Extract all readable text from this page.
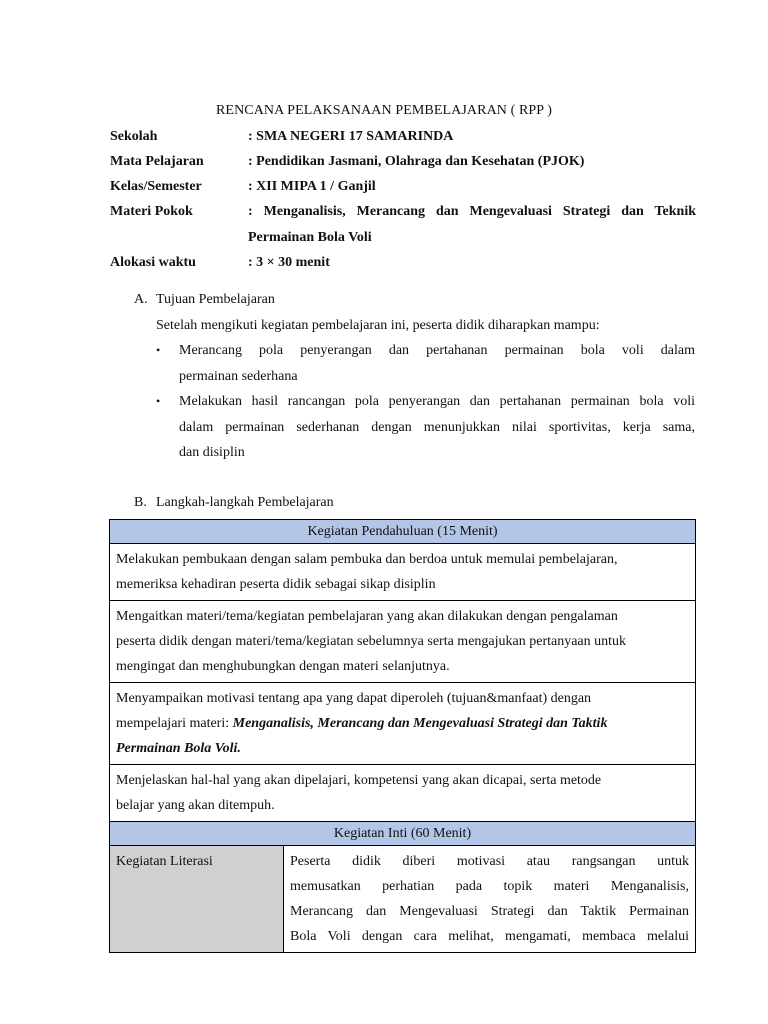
RENCANA PELAKSANAAN PEMBELAJARAN ( RPP )
Sekolah	: SMA NEGERI 17 SAMARINDA
Mata Pelajaran	: Pendidikan Jasmani, Olahraga dan Kesehatan (PJOK)
Kelas/Semester	: XII MIPA 1 / Ganjil
Materi Pokok	: Menganalisis, Merancang dan Mengevaluasi Strategi dan Teknik
Permainan Bola Voli
Alokasi waktu	: 3 × 30 menit
A. Tujuan Pembelajaran
Setelah mengikuti kegiatan pembelajaran ini, peserta didik diharapkan mampu:
• Merancang pola penyerangan dan pertahanan permainan bola voli dalam
permainan sederhana
• Melakukan hasil rancangan pola penyerangan dan pertahanan permainan bola voli
dalam permainan sederhanan dengan menunjukkan nilai sportivitas, kerja sama,
dan disiplin
B. Langkah-langkah Pembelajaran
Kegiatan Pendahuluan (15 Menit)

Melakukan pembukaan dengan salam pembuka dan berdoa untuk memulai pembelajaran,
memeriksa kehadiran peserta didik sebagai sikap disiplin

Mengaitkan materi/tema/kegiatan pembelajaran yang akan dilakukan dengan pengalaman
peserta didik dengan materi/tema/kegiatan sebelumnya serta mengajukan pertanyaan untuk
mengingat dan menghubungkan dengan materi selanjutnya.

Menyampaikan motivasi tentang apa yang dapat diperoleh (tujuan&manfaat) dengan
mempelajari materi: Menganalisis, Merancang dan Mengevaluasi Strategi dan Taktik
Permainan Bola Voli.

Menjelaskan hal-hal yang akan dipelajari, kompetensi yang akan dicapai, serta metode
belajar yang akan ditempuh.

Kegiatan Inti (60 Menit)

Kegiatan Literasi	Peserta didik diberi motivasi atau rangsangan untuk
memusatkan perhatian pada topik materi Menganalisis,
Merancang dan Mengevaluasi Strategi dan Taktik Permainan
Bola Voli dengan cara melihat, mengamati, membaca melalui
